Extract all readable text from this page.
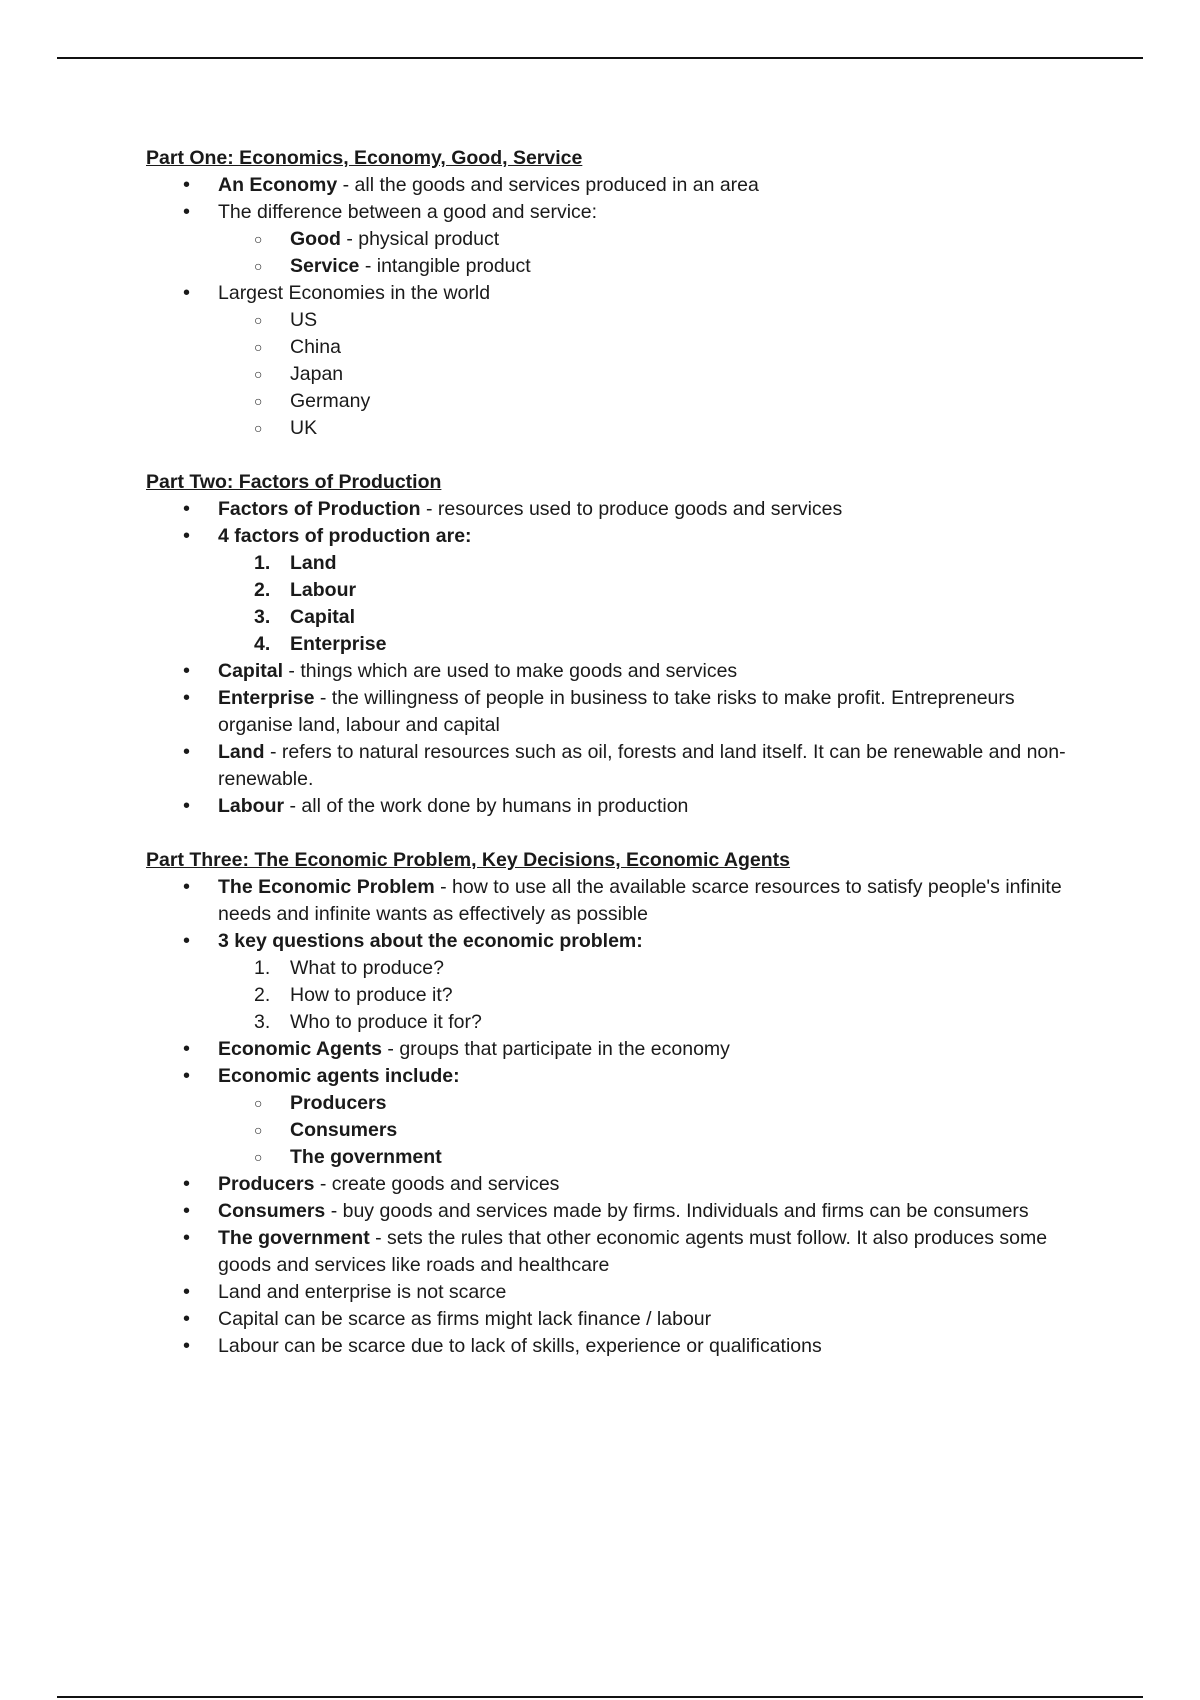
Part One: Economics, Economy, Good, Service

• An Economy - all the goods and services produced in an area
• The difference between a good and service:
○ Good - physical product
○ Service - intangible product
• Largest Economies in the world
○ US
○ China
○ Japan
○ Germany
○ UK

Part Two: Factors of Production

• Factors of Production - resources used to produce goods and services
• 4 factors of production are:
1. Land
2. Labour
3. Capital
4. Enterprise
• Capital - things which are used to make goods and services
• Enterprise - the willingness of people in business to take risks to make profit. Entrepreneurs organise land, labour and capital
• Land - refers to natural resources such as oil, forests and land itself. It can be renewable and non-renewable.
• Labour - all of the work done by humans in production

Part Three: The Economic Problem, Key Decisions, Economic Agents

• The Economic Problem - how to use all the available scarce resources to satisfy people's infinite needs and infinite wants as effectively as possible
• 3 key questions about the economic problem:
1. What to produce?
2. How to produce it?
3. Who to produce it for?
• Economic Agents - groups that participate in the economy
• Economic agents include:
○ Producers
○ Consumers
○ The government
• Producers - create goods and services
• Consumers - buy goods and services made by firms. Individuals and firms can be consumers
• The government - sets the rules that other economic agents must follow. It also produces some goods and services like roads and healthcare
• Land and enterprise is not scarce
• Capital can be scarce as firms might lack finance / labour
• Labour can be scarce due to lack of skills, experience or qualifications
